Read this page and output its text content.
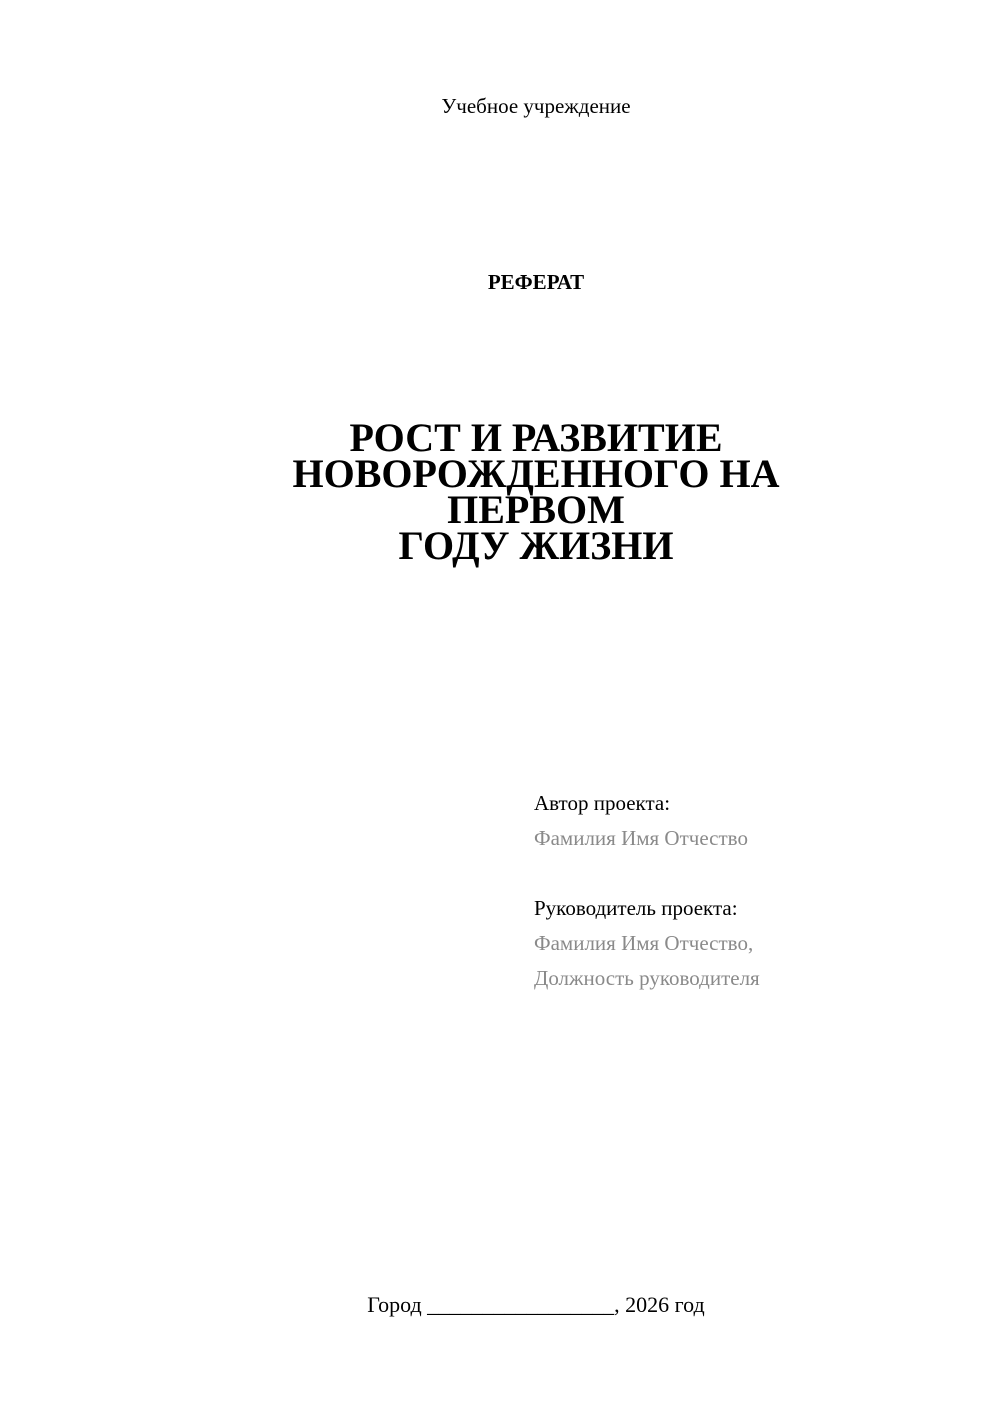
Учебное учреждение
РЕФЕРАТ
РОСТ И РАЗВИТИЕ
НОВОРОЖДЕННОГО НА ПЕРВОМ
ГОДУ ЖИЗНИ
Автор проекта:
Фамилия Имя Отчество
Руководитель проекта:
Фамилия Имя Отчество,
Должность руководителя
Город _________________, 2026 год
